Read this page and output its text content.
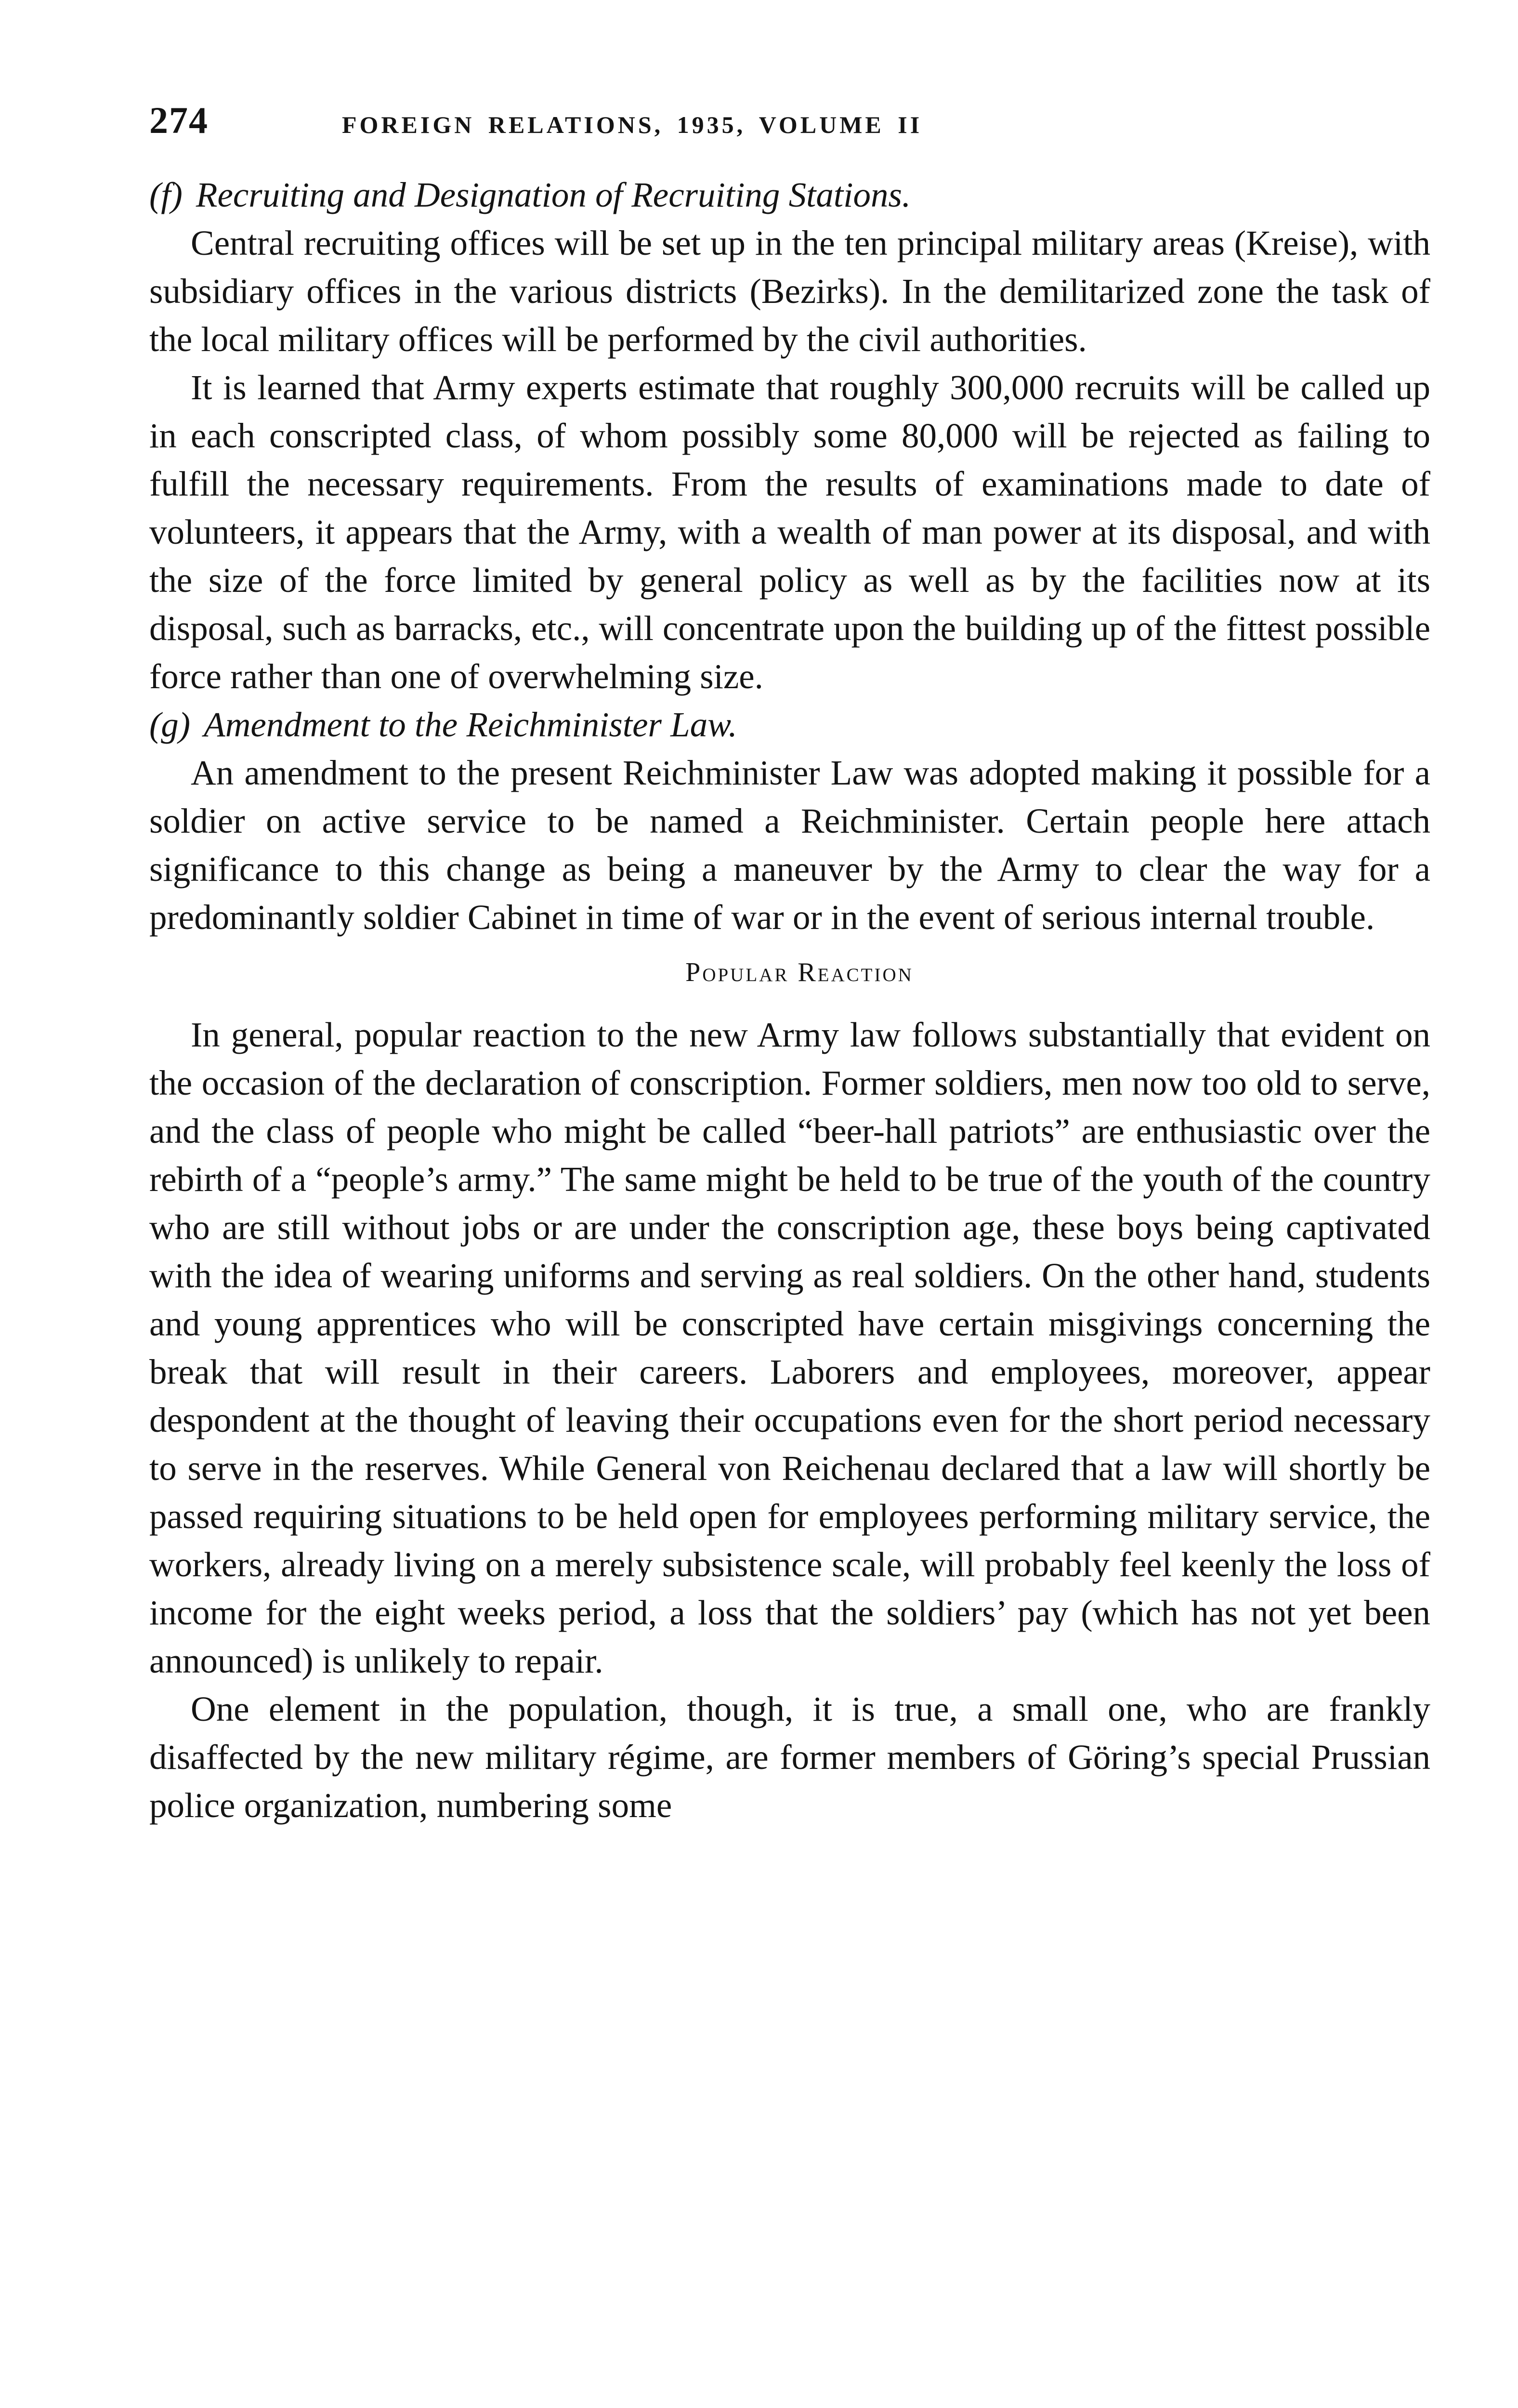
274	FOREIGN RELATIONS, 1935, VOLUME II
(f) Recruiting and Designation of Recruiting Stations.

Central recruiting offices will be set up in the ten principal military areas (Kreise), with subsidiary offices in the various districts (Bezirks). In the demilitarized zone the task of the local military offices will be performed by the civil authorities.

It is learned that Army experts estimate that roughly 300,000 recruits will be called up in each conscripted class, of whom possibly some 80,000 will be rejected as failing to fulfill the necessary requirements. From the results of examinations made to date of volunteers, it appears that the Army, with a wealth of man power at its disposal, and with the size of the force limited by general policy as well as by the facilities now at its disposal, such as barracks, etc., will concentrate upon the building up of the fittest possible force rather than one of overwhelming size.

(g) Amendment to the Reichminister Law.

An amendment to the present Reichminister Law was adopted making it possible for a soldier on active service to be named a Reichminister. Certain people here attach significance to this change as being a maneuver by the Army to clear the way for a predominantly soldier Cabinet in time of war or in the event of serious internal trouble.

Popular Reaction

In general, popular reaction to the new Army law follows substantially that evident on the occasion of the declaration of conscription. Former soldiers, men now too old to serve, and the class of people who might be called “beer-hall patriots” are enthusiastic over the rebirth of a “people’s army.” The same might be held to be true of the youth of the country who are still without jobs or are under the conscription age, these boys being captivated with the idea of wearing uniforms and serving as real soldiers. On the other hand, students and young apprentices who will be conscripted have certain misgivings concerning the break that will result in their careers. Laborers and employees, moreover, appear despondent at the thought of leaving their occupations even for the short period necessary to serve in the reserves. While General von Reichenau declared that a law will shortly be passed requiring situations to be held open for employees performing military service, the workers, already living on a merely subsistence scale, will probably feel keenly the loss of income for the eight weeks period, a loss that the soldiers’ pay (which has not yet been announced) is unlikely to repair.

One element in the population, though, it is true, a small one, who are frankly disaffected by the new military régime, are former members of Göring’s special Prussian police organization, numbering some
